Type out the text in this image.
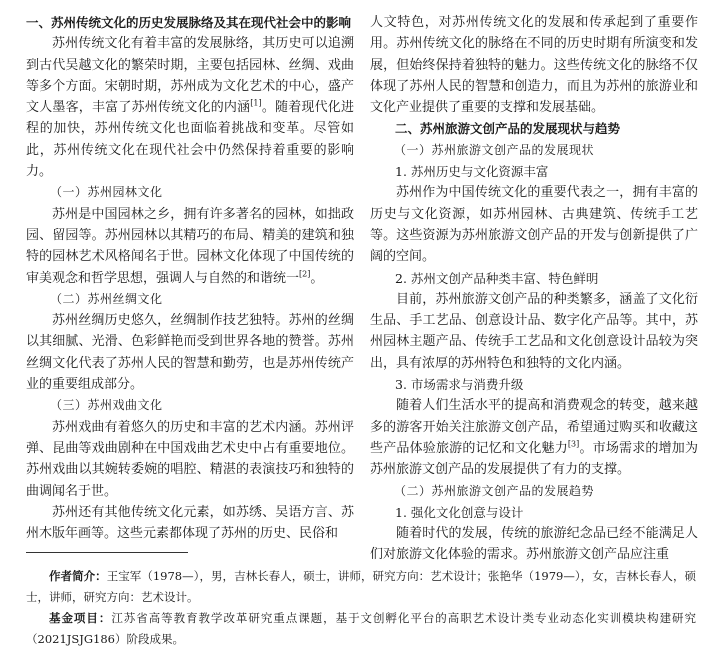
一、苏州传统文化的历史发展脉络及其在现代社会中的影响

苏州传统文化有着丰富的发展脉络，其历史可以追溯到古代吴越文化的繁荣时期，主要包括园林、丝绸、戏曲等多个方面。宋朝时期，苏州成为文化艺术的中心，盛产文人墨客，丰富了苏州传统文化的内涵[1]。随着现代化进程的加快，苏州传统文化也面临着挑战和变革。尽管如此，苏州传统文化在现代社会中仍然保持着重要的影响力。

（一）苏州园林文化

苏州是中国园林之乡，拥有许多著名的园林，如拙政园、留园等。苏州园林以其精巧的布局、精美的建筑和独特的园林艺术风格闻名于世。园林文化体现了中国传统的审美观念和哲学思想，强调人与自然的和谐统一[2]。

（二）苏州丝绸文化

苏州丝绸历史悠久，丝绸制作技艺独特。苏州的丝绸以其细腻、光滑、色彩鲜艳而受到世界各地的赞誉。苏州丝绸文化代表了苏州人民的智慧和勤劳，也是苏州传统产业的重要组成部分。

（三）苏州戏曲文化

苏州戏曲有着悠久的历史和丰富的艺术内涵。苏州评弹、昆曲等戏曲剧种在中国戏曲艺术史中占有重要地位。苏州戏曲以其婉转委婉的唱腔、精湛的表演技巧和独特的曲调闻名于世。

苏州还有其他传统文化元素，如苏绣、吴语方言、苏州木版年画等。这些元素都体现了苏州的历史、民俗和

人文特色，对苏州传统文化的发展和传承起到了重要作用。苏州传统文化的脉络在不同的历史时期有所演变和发展，但始终保持着独特的魅力。这些传统文化的脉络不仅体现了苏州人民的智慧和创造力，而且为苏州的旅游业和文化产业提供了重要的支撑和发展基础。

二、苏州旅游文创产品的发展现状与趋势

（一）苏州旅游文创产品的发展现状

1. 苏州历史与文化资源丰富

苏州作为中国传统文化的重要代表之一，拥有丰富的历史与文化资源，如苏州园林、古典建筑、传统手工艺等。这些资源为苏州旅游文创产品的开发与创新提供了广阔的空间。

2. 苏州文创产品种类丰富、特色鲜明

目前，苏州旅游文创产品的种类繁多，涵盖了文化衍生品、手工艺品、创意设计品、数字化产品等。其中，苏州园林主题产品、传统手工艺品和文化创意设计品较为突出，具有浓厚的苏州特色和独特的文化内涵。

3. 市场需求与消费升级

随着人们生活水平的提高和消费观念的转变，越来越多的游客开始关注旅游文创产品，希望通过购买和收藏这些产品体验旅游的记忆和文化魅力[3]。市场需求的增加为苏州旅游文创产品的发展提供了有力的支撑。

（二）苏州旅游文创产品的发展趋势

1. 强化文化创意与设计

随着时代的发展，传统的旅游纪念品已经不能满足人们对旅游文化体验的需求。苏州旅游文创产品应注重

作者简介：王宝军（1978—），男，吉林长春人，硕士，讲师，研究方向：艺术设计；张艳华（1979—），女，吉林长春人，硕士，讲师，研究方向：艺术设计。

基金项目：江苏省高等教育教学改革研究重点课题，基于文创孵化平台的高职艺术设计类专业动态化实训模块构建研究（2021JSJG186）阶段成果。
